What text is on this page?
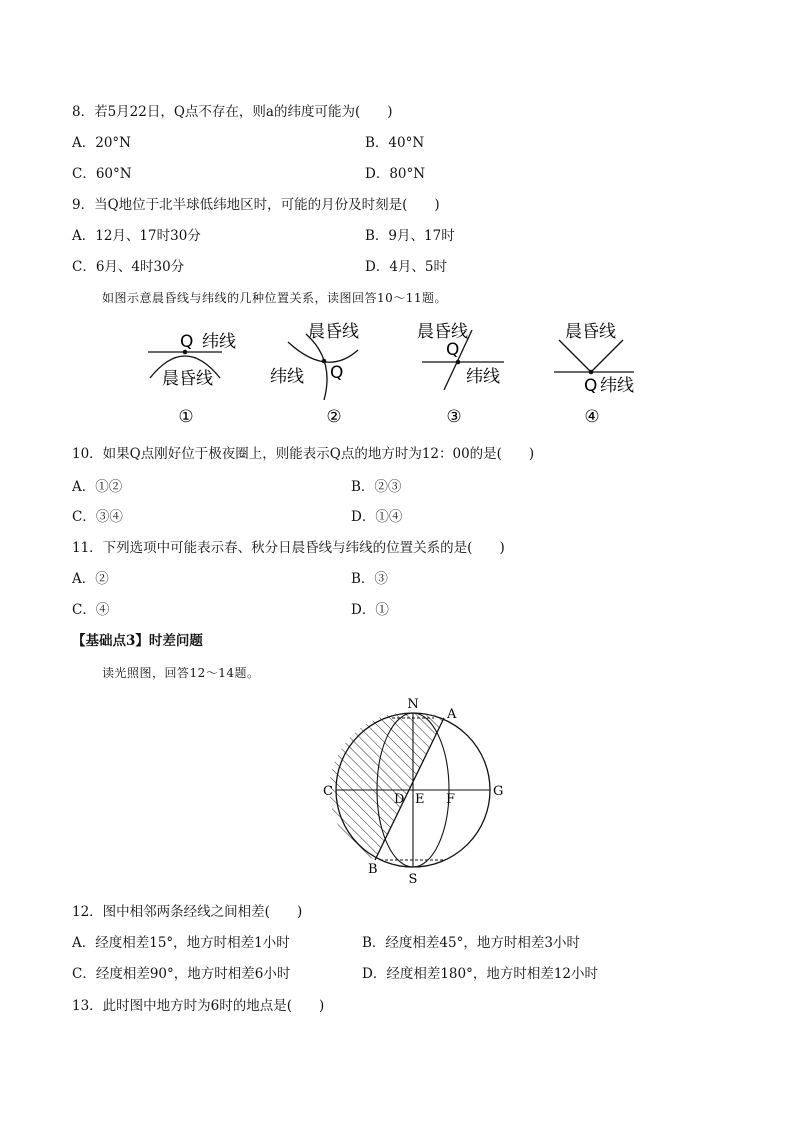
8．若5月22日，Q点不存在，则a的纬度可能为(　　)
A．20°N	B．40°N
C．60°N	D．80°N
9．当Q地位于北半球低纬地区时，可能的月份及时刻是(　　)
A．12月、17时30分	B．9月、17时
C．6月、4时30分	D．4月、5时
如图示意晨昏线与纬线的几种位置关系，读图回答10～11题。
Q 纬线
晨昏线
①
晨昏线
纬线 Q
②
晨昏线
Q
纬线
③
晨昏线
Q 纬线
④
10．如果Q点刚好位于极夜圈上，则能表示Q点的地方时为12：00的是(　　)
A．①②	B．②③
C．③④	D．①④
11．下列选项中可能表示春、秋分日晨昏线与纬线的位置关系的是(　　)
A．②	B．③
C．④	D．①
【基础点3】时差问题
读光照图，回答12～14题。
N
A
C
D E F
G
B
S
12．图中相邻两条经线之间相差(　　)
A．经度相差15°，地方时相差1小时	B．经度相差45°，地方时相差3小时
C．经度相差90°，地方时相差6小时	D．经度相差180°，地方时相差12小时
13．此时图中地方时为6时的地点是(　　)
